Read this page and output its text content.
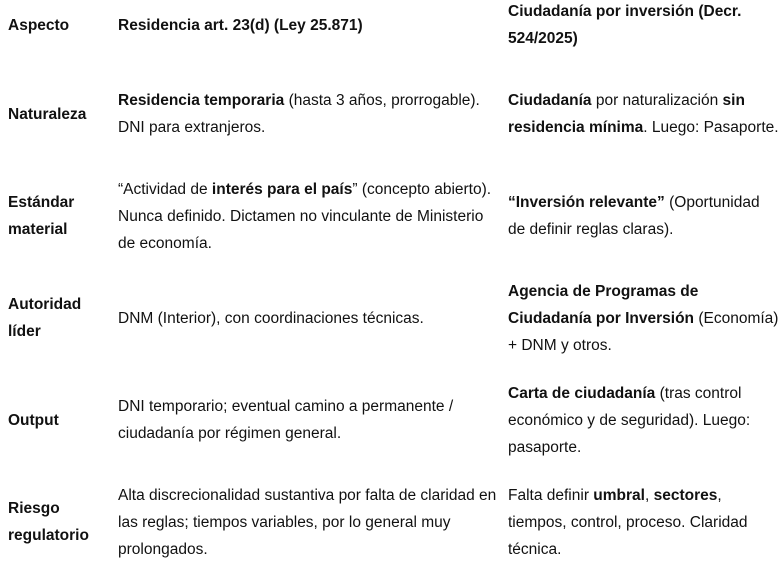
Aspecto	Residencia art. 23(d) (Ley 25.871)
Ciudadanía por inversión (Decr. 524/2025)
Naturaleza
Residencia temporaria (hasta 3 años, prorrogable). DNI para extranjeros.
Ciudadanía por naturalización sin residencia mínima. Luego: Pasaporte.
Estándar material
“Actividad de interés para el país” (concepto abierto). Nunca definido. Dictamen no vinculante de Ministerio de economía.
“Inversión relevante” (Oportunidad de definir reglas claras).
Autoridad líder
DNM (Interior), con coordinaciones técnicas.
Agencia de Programas de Ciudadanía por Inversión (Economía) + DNM y otros.
Output
DNI temporario; eventual camino a permanente / ciudadanía por régimen general.
Carta de ciudadanía (tras control económico y de seguridad). Luego: pasaporte.
Riesgo regulatorio
Alta discrecionalidad sustantiva por falta de claridad en las reglas; tiempos variables, por lo general muy prolongados.
Falta definir umbral, sectores, tiempos, control, proceso. Claridad técnica.
